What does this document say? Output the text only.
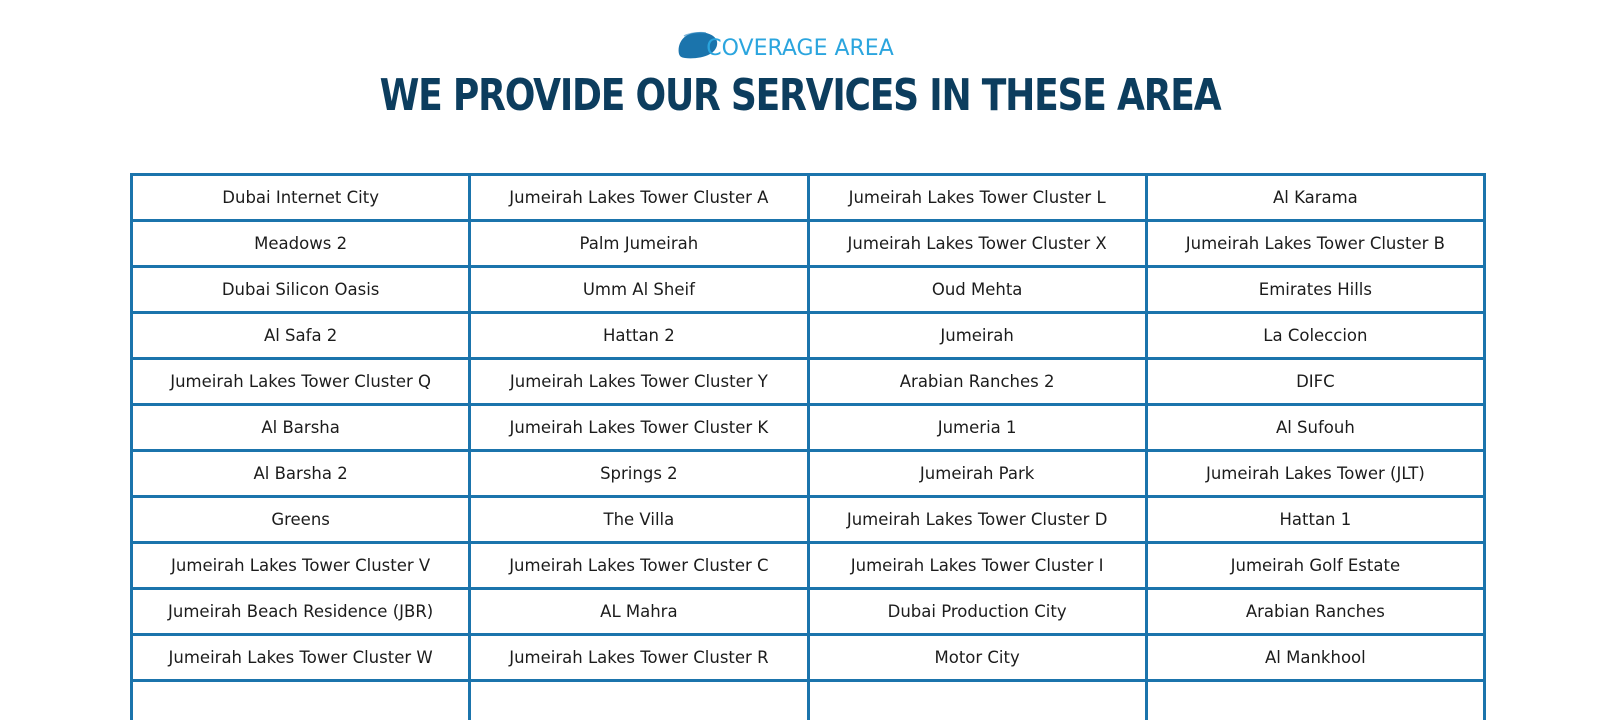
COVERAGE AREA
WE PROVIDE OUR SERVICES IN THESE AREA
Dubai Internet City	Jumeirah Lakes Tower Cluster A	Jumeirah Lakes Tower Cluster L	Al Karama
Meadows 2	Palm Jumeirah	Jumeirah Lakes Tower Cluster X	Jumeirah Lakes Tower Cluster B
Dubai Silicon Oasis	Umm Al Sheif	Oud Mehta	Emirates Hills
Al Safa 2	Hattan 2	Jumeirah	La Coleccion
Jumeirah Lakes Tower Cluster Q	Jumeirah Lakes Tower Cluster Y	Arabian Ranches 2	DIFC
Al Barsha	Jumeirah Lakes Tower Cluster K	Jumeria 1	Al Sufouh
Al Barsha 2	Springs 2	Jumeirah Park	Jumeirah Lakes Tower (JLT)
Greens	The Villa	Jumeirah Lakes Tower Cluster D	Hattan 1
Jumeirah Lakes Tower Cluster V	Jumeirah Lakes Tower Cluster C	Jumeirah Lakes Tower Cluster I	Jumeirah Golf Estate
Jumeirah Beach Residence (JBR)	AL Mahra	Dubai Production City	Arabian Ranches
Jumeirah Lakes Tower Cluster W	Jumeirah Lakes Tower Cluster R	Motor City	Al Mankhool
